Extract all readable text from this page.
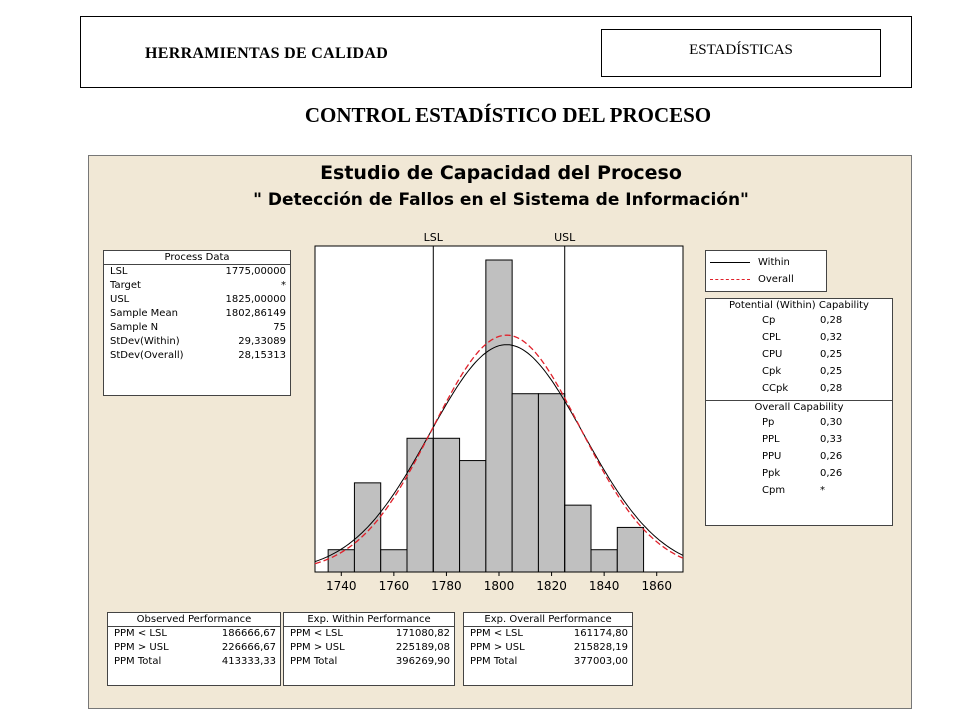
HERRAMIENTAS DE CALIDAD	ESTADÍSTICAS
CONTROL ESTADÍSTICO DEL PROCESO
Estudio de Capacidad del Proceso
" Detección de Fallos en el Sistema de Información"
Process Data
LSL	1775,00000
Target	*
USL	1825,00000
Sample Mean	1802,86149
Sample N	75
StDev(Within)	29,33089
StDev(Overall)	28,15313
LSL	USL
1740 1760 1780 1800 1820 1840 1860
Within
Overall
Potential (Within) Capability
Cp	0,28
CPL	0,32
CPU	0,25
Cpk	0,25
CCpk	0,28
Overall Capability
Pp	0,30
PPL	0,33
PPU	0,26
Ppk	0,26
Cpm	*
Observed Performance
PPM < LSL	186666,67
PPM > USL	226666,67
PPM Total	413333,33
Exp. Within Performance
PPM < LSL	171080,82
PPM > USL	225189,08
PPM Total	396269,90
Exp. Overall Performance
PPM < LSL	161174,80
PPM > USL	215828,19
PPM Total	377003,00
